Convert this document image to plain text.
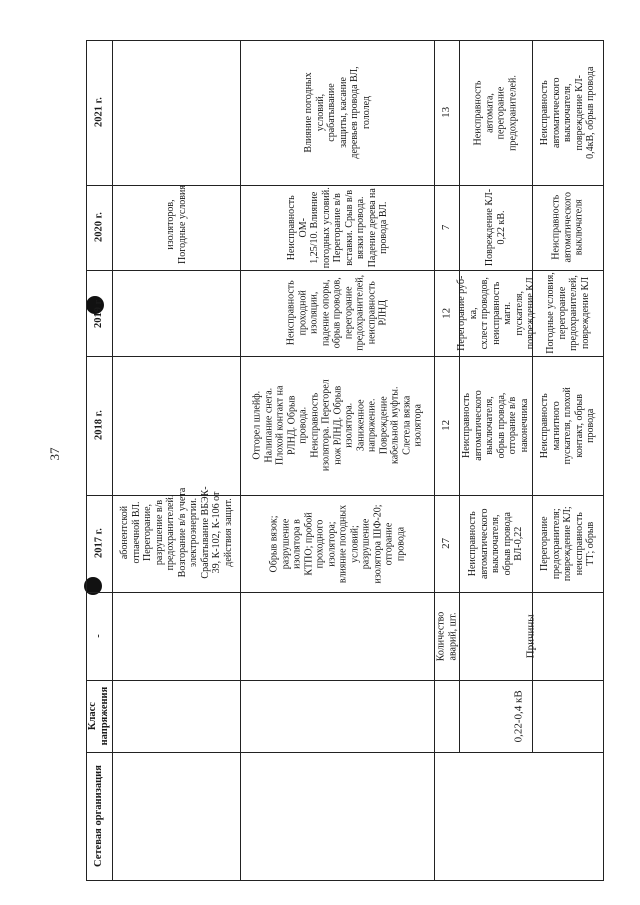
37
2021 г.
2020 г.
2019 г.
2018 г.
2017 г.
-
Класс
напряжения
Сетевая организация
абонентской
отпаечной ВЛ.
Перегорание,
разрушение в/в
предохранителей.
Возгорание в/в учета
электроэнергии.
Срабатывание ВБЭК-
39, К-102, К-106 от
действия защит.
изоляторов,
Погодные условия
Обрыв вязок;
разрушение
изолятора в
КТПО; пробой
проходного
изолятора;
влияние погодных
условий;
разрушение
изолятора ШФ-20;
отгорание
провода
Отгорел шлейф.
Налипание снега.
Плохой контакт на
РЛНД. Обрыв
провода.
Неисправность
изолятора. Перегорел
нож РЛНД. Обрыв
изолятора.
Заниженное
напряжение.
Повреждение
кабельной муфты.
Слетела вязка
изолятора
Неисправность
проходной изоляции,
падение опоры,
обрыв проводов,
перегорание
предохранителей,
неисправность РЛНД
Неисправность ОМ-
1,25/10. Влияние
погодных условий.
Перегорание в/в
вставки. Срыв в/в
вязки провода.
Падение дерева на
провода ВЛ.
Влияние погодных
условий,
срабатывание
защиты, касание
деревьев провода ВЛ,
гололед
0,22-0,4 кВ
Количество
аварий, шт.
27
12
12
7
13
Причины
Неисправность
автоматического
выключателя,
обрыв провода
ВЛ-0,22
Неисправность
автоматического
выключателя,
обрыв провода,
отгорание в/в
наконечника
Перегорание руб-ка,
схлест проводов,
неисправность магн.
пускателя,
повреждение КЛ
Повреждение КЛ-
0,22 кВ.
Неисправность
автомата,
перегорание
предохранителей.
Перегорание
предохранителя;
повреждение КЛ;
неисправность
ТТ; обрыв
Неисправность
магнитного
пускателя, плохой
контакт, обрыв
провода
Погодные условия,
перегорание
предохранителей,
повреждение КЛ
Неисправность
автоматического
выключателя
Неисправность
автоматического
выключателя,
повреждение КЛ-
0,4кВ, обрыв провода
